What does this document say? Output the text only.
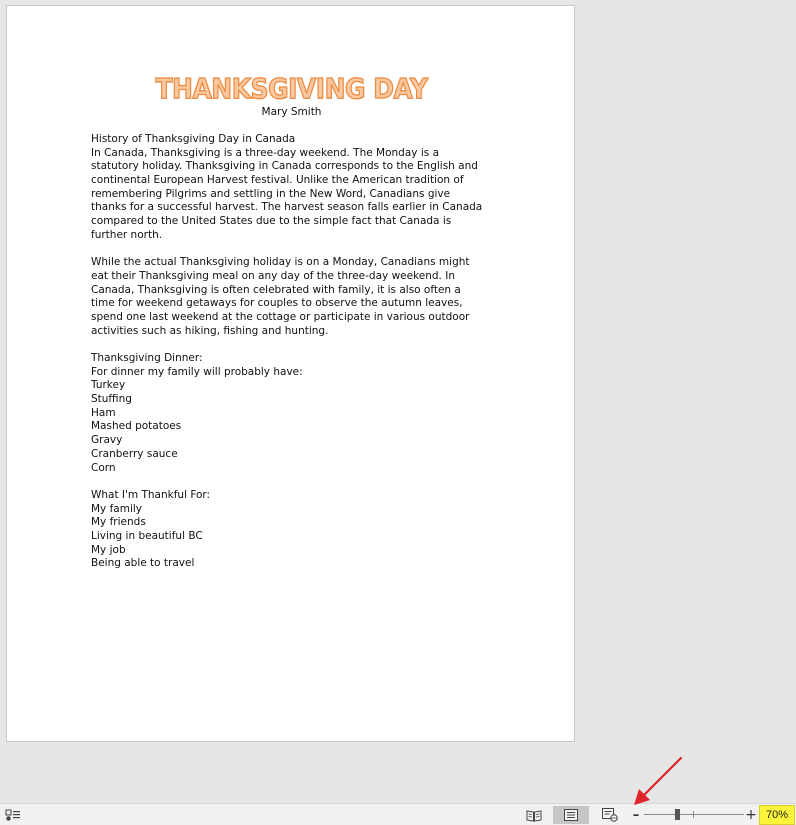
THANKSGIVING DAY
Mary Smith
History of Thanksgiving Day in Canada
In Canada, Thanksgiving is a three-day weekend. The Monday is a
statutory holiday. Thanksgiving in Canada corresponds to the English and
continental European Harvest festival. Unlike the American tradition of
remembering Pilgrims and settling in the New Word, Canadians give
thanks for a successful harvest. The harvest season falls earlier in Canada
compared to the United States due to the simple fact that Canada is
further north.
While the actual Thanksgiving holiday is on a Monday, Canadians might
eat their Thanksgiving meal on any day of the three-day weekend. In
Canada, Thanksgiving is often celebrated with family, it is also often a
time for weekend getaways for couples to observe the autumn leaves,
spend one last weekend at the cottage or participate in various outdoor
activities such as hiking, fishing and hunting.
Thanksgiving Dinner:
For dinner my family will probably have:
Turkey
Stuffing
Ham
Mashed potatoes
Gravy
Cranberry sauce
Corn
What I'm Thankful For:
My family
My friends
Living in beautiful BC
My job
Being able to travel
–	+ 70%
